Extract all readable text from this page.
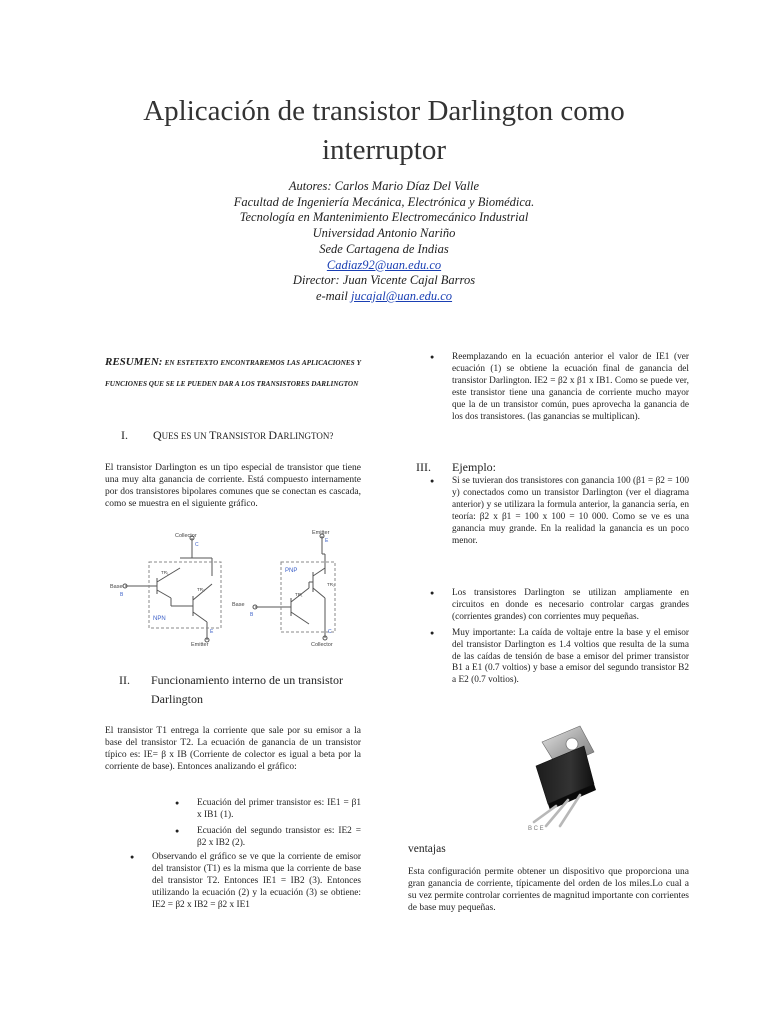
Aplicación de transistor Darlington como
interruptor
Autores: Carlos Mario Díaz Del Valle
Facultad de Ingeniería Mecánica, Electrónica y Biomédica.
Tecnología en Mantenimiento Electromecánico Industrial
Universidad Antonio Nariño
Sede Cartagena de Indias
Cadiaz92@uan.edu.co
Director: Juan Vicente Cajal Barros
e-mail jucajal@uan.edu.co
RESUMEN: EN ESTETEXTO ENCONTRAREMOS LAS APLICACIONES Y FUNCIONES QUE SE LE PUEDEN DAR A LOS TRANSISTORES DARLINGTON
I. QUES ES UN TRANSISTOR DARLINGTON?
El transistor Darlington es un tipo especial de transistor que tiene una muy alta ganancia de corriente. Está compuesto internamente por dos transistores bipolares comunes que se conectan es cascada, como se muestra en el siguiente gráfico.
Collector
Base
B
C
E
TR₁
TR₂
NPN
Emitter
Emitter
Base
B
E
C
TR₁
TR₂
PNP
Collector
II. Funcionamiento interno de un transistor
Darlington
El transistor T1 entrega la corriente que sale por su emisor a la base del transistor T2. La ecuación de ganancia de un transistor típico es: IE= β x IB (Corriente de colector es igual a beta por la corriente de base). Entonces analizando el gráfico:
● Ecuación del primer transistor es: IE1 = β1 x IB1 (1).
● Ecuación del segundo transistor es: IE2 = β2 x IB2 (2).
● Observando el gráfico se ve que la corriente de emisor del transistor (T1) es la misma que la corriente de base del transistor T2. Entonces IE1 = IB2 (3). Entonces utilizando la ecuación (2) y la ecuación (3) se obtiene: IE2 = β2 x IB2 = β2 x IE1
● Reemplazando en la ecuación anterior el valor de IE1 (ver ecuación (1) se obtiene la ecuación final de ganancia del transistor Darlington. IE2 = β2 x β1 x IB1. Como se puede ver, este transistor tiene una ganancia de corriente mucho mayor que la de un transistor común, pues aprovecha la ganancia de los dos transistores. (las ganancias se multiplican).
III. Ejemplo:
● Si se tuvieran dos transistores con ganancia 100 (β1 = β2 = 100 y) conectados como un transistor Darlington (ver el diagrama anterior) y se utilizara la formula anterior, la ganancia sería, en teoría: β2 x β1 = 100 x 100 = 10 000. Como se ve es una ganancia muy grande. En la realidad la ganancia es un poco menor.
● Los transistores Darlington se utilizan ampliamente en circuitos en donde es necesario controlar cargas grandes (corrientes grandes) con corrientes muy pequeñas.
● Muy importante: La caída de voltaje entre la base y el emisor del transistor Darlington es 1.4 voltios que resulta de la suma de las caídas de tensión de base a emisor del primer transistor B1 a E1 (0.7 voltios) y base a emisor del segundo transistor B2 a E2 (0.7 voltios).
B C E
ventajas
Esta configuración permite obtener un dispositivo que proporciona una gran ganancia de corriente, típicamente del orden de los miles.Lo cual a su vez permite controlar corrientes de magnitud importante con corrientes de base muy pequeñas.
